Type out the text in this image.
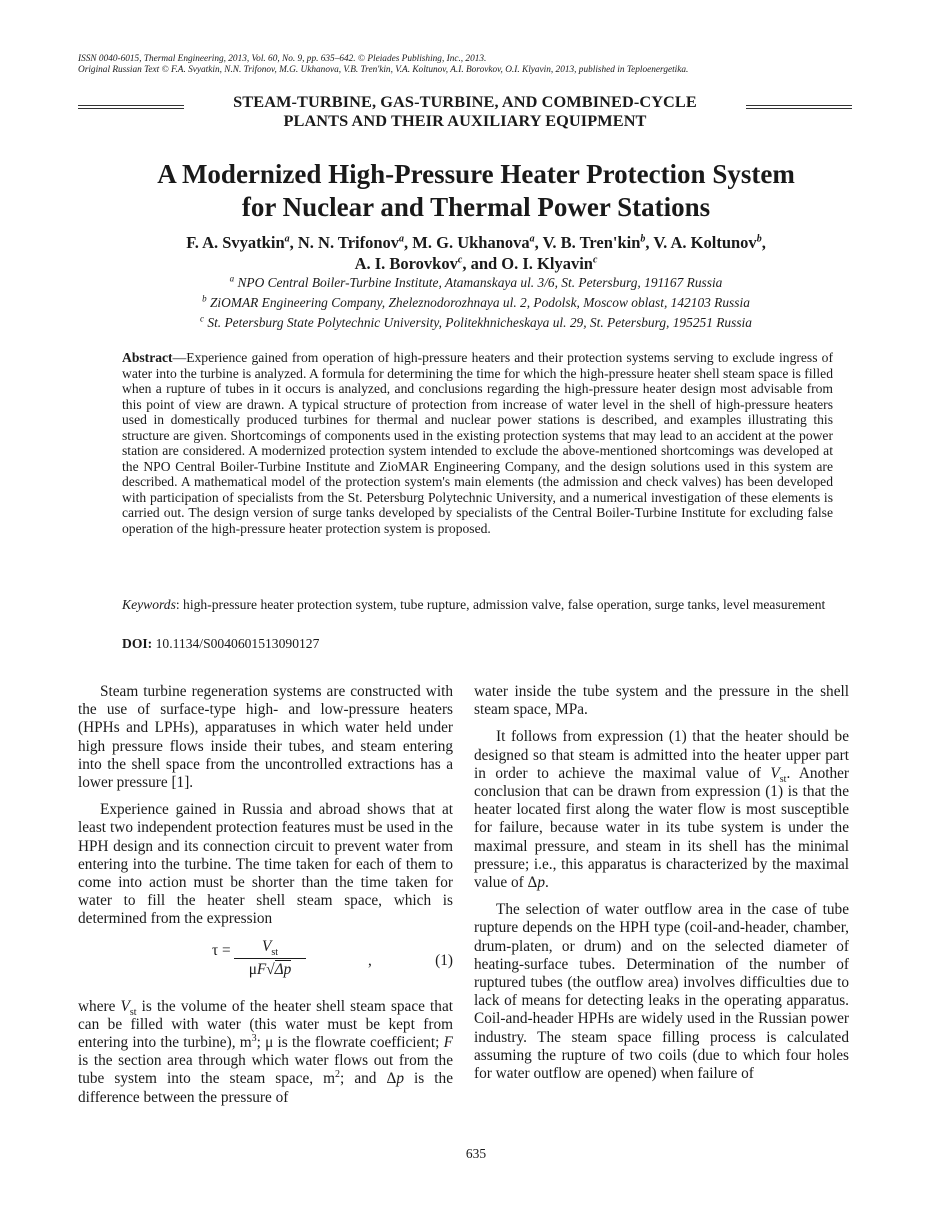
ISSN 0040-6015, Thermal Engineering, 2013, Vol. 60, No. 9, pp. 635–642. © Pleiades Publishing, Inc., 2013.
Original Russian Text © F.A. Svyatkin, N.N. Trifonov, M.G. Ukhanova, V.B. Tren'kin, V.A. Koltunov, A.I. Borovkov, O.I. Klyavin, 2013, published in Teploenergetika.
STEAM-TURBINE, GAS-TURBINE, AND COMBINED-CYCLE
PLANTS AND THEIR AUXILIARY EQUIPMENT
A Modernized High-Pressure Heater Protection System
for Nuclear and Thermal Power Stations
F. A. Svyatkin$^a$, N. N. Trifonov$^a$, M. G. Ukhanova$^a$, V. B. Tren'kin$^b$, V. A. Koltunov$^b$,
A. I. Borovkov$^c$, and O. I. Klyavin$^c$
$^a$ NPO Central Boiler-Turbine Institute, Atamanskaya ul. 3/6, St. Petersburg, 191167 Russia
$^b$ ZiOMAR Engineering Company, Zheleznodorozhnaya ul. 2, Podolsk, Moscow oblast, 142103 Russia
$^c$ St. Petersburg State Polytechnic University, Politekhnicheskaya ul. 29, St. Petersburg, 195251 Russia
Abstract—Experience gained from operation of high-pressure heaters and their protection systems serving to exclude ingress of water into the turbine is analyzed. A formula for determining the time for which the high-pressure heater shell steam space is filled when a rupture of tubes in it occurs is analyzed, and conclusions regarding the high-pressure heater design most advisable from this point of view are drawn. A typical structure of protection from increase of water level in the shell of high-pressure heaters used in domestically produced turbines for thermal and nuclear power stations is described, and examples illustrating this structure are given. Shortcomings of components used in the existing protection systems that may lead to an accident at the power station are considered. A modernized protection system intended to exclude the above-mentioned shortcomings was developed at the NPO Central Boiler-Turbine Institute and ZioMAR Engineering Company, and the design solutions used in this system are described. A mathematical model of the protection system's main elements (the admission and check valves) has been developed with participation of specialists from the St. Petersburg Polytechnic University, and a numerical investigation of these elements is carried out. The design version of surge tanks developed by specialists of the Central Boiler-Turbine Institute for excluding false operation of the high-pressure heater protection system is proposed.
Keywords: high-pressure heater protection system, tube rupture, admission valve, false operation, surge tanks, level measurement
DOI: 10.1134/S0040601513090127

Steam turbine regeneration systems are constructed with the use of surface-type high- and low-pressure heaters (HPHs and LPHs), apparatuses in which water held under high pressure flows inside their tubes, and steam entering into the shell space from the uncontrolled extractions has a lower pressure [1].

Experience gained in Russia and abroad shows that at least two independent protection features must be used in the HPH design and its connection circuit to prevent water from entering into the turbine. The time taken for each of them to come into action must be shorter than the time taken for water to fill the heater shell steam space, which is determined from the expression

τ =	$V_{st}$
μF√Δp
,	(1)

where $V_{st}$ is the volume of the heater shell steam space that can be filled with water (this water must be kept from entering into the turbine), $m^3$; μ is the flowrate coefficient; F is the section area through which water flows out from the tube system into the steam space, $m^2$; and Δp is the difference between the pressure of

water inside the tube system and the pressure in the shell steam space, MPa.

It follows from expression (1) that the heater should be designed so that steam is admitted into the heater upper part in order to achieve the maximal value of $V_{st}$. Another conclusion that can be drawn from expression (1) is that the heater located first along the water flow is most susceptible for failure, because water in its tube system is under the maximal pressure, and steam in its shell has the minimal pressure; i.e., this apparatus is characterized by the maximal value of Δp.

The selection of water outflow area in the case of tube rupture depends on the HPH type (coil-and-header, chamber, drum-platen, or drum) and on the selected diameter of heating-surface tubes. Determination of the number of ruptured tubes (the outflow area) involves difficulties due to lack of means for detecting leaks in the operating apparatus. Coil-and-header HPHs are widely used in the Russian power industry. The steam space filling process is calculated assuming the rupture of two coils (due to which four holes for water outflow are opened) when failure of

635
